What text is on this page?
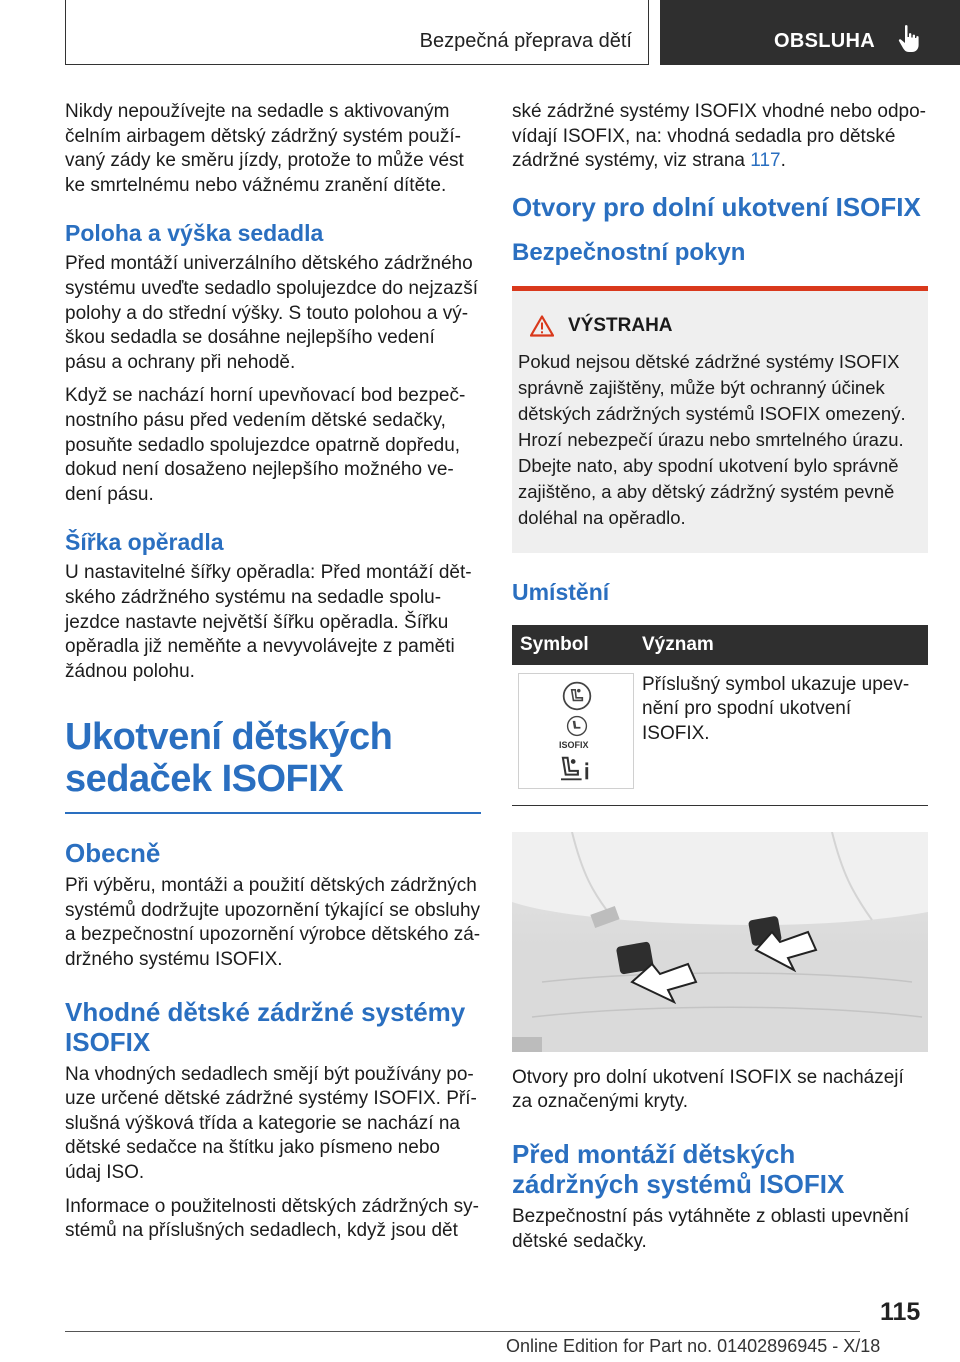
Bezpečná přeprava dětí	OBSLUHA

Nikdy nepoužívejte na sedadle s aktivovaným čelním airbagem dětský zádržný systém používaný zády ke směru jízdy, protože to může vést ke smrtelnému nebo vážnému zranění dítěte.

Poloha a výška sedadla

Před montáží univerzálního dětského zádržného systému uveďte sedadlo spolujezdce do nejzazší polohy a do střední výšky. S touto polohou a výškou sedadla se dosáhne nejlepšího vedení pásu a ochrany při nehodě.

Když se nachází horní upevňovací bod bezpečnostního pásu před vedením dětské sedačky, posuňte sedadlo spolujezdce opatrně dopředu, dokud není dosaženo nejlepšího možného vedení pásu.

Šířka opěradla

U nastavitelné šířky opěradla: Před montáží dětského zádržného systému na sedadle spolujezdce nastavte největší šířku opěradla. Šířku opěradla již neměňte a nevyvolávejte z paměti žádnou polohu.

Ukotvení dětských sedaček ISOFIX
Obecně

Při výběru, montáži a použití dětských zádržných systémů dodržujte upozornění týkající se obsluhy a bezpečnostní upozornění výrobce dětského zádržného systému ISOFIX.

Vhodné dětské zádržné systémy ISOFIX

Na vhodných sedadlech smějí být používány pouze určené dětské zádržné systémy ISOFIX. Příslušná výšková třída a kategorie se nachází na dětské sedačce na štítku jako písmeno nebo údaj ISO.

Informace o použitelnosti dětských zádržných systémů na příslušných sedadlech, když jsou dět

ské zádržné systémy ISOFIX vhodné nebo odpovídají ISOFIX, na: vhodná sedadla pro dětské zádržné systémy, viz strana 117.

Otvory pro dolní ukotvení ISOFIX
Bezpečnostní pokyn
VÝSTRAHA

Pokud nejsou dětské zádržné systémy ISOFIX správně zajištěny, může být ochranný účinek dětských zádržných systémů ISOFIX omezený. Hrozí nebezpečí úrazu nebo smrtelného úrazu. Dbejte nato, aby spodní ukotvení bylo správně zajištěno, a aby dětský zádržný systém pevně doléhal na opěradlo.

Umístění
Symbol	Význam

ISOFIX	Příslušný symbol ukazuje upevnění pro spodní ukotvení ISOFIX.

Otvory pro dolní ukotvení ISOFIX se nacházejí za označenými kryty.

Před montáží dětských zádržných systémů ISOFIX

Bezpečnostní pás vytáhněte z oblasti upevnění dětské sedačky.

115
Online Edition for Part no. 01402896945 - X/18
